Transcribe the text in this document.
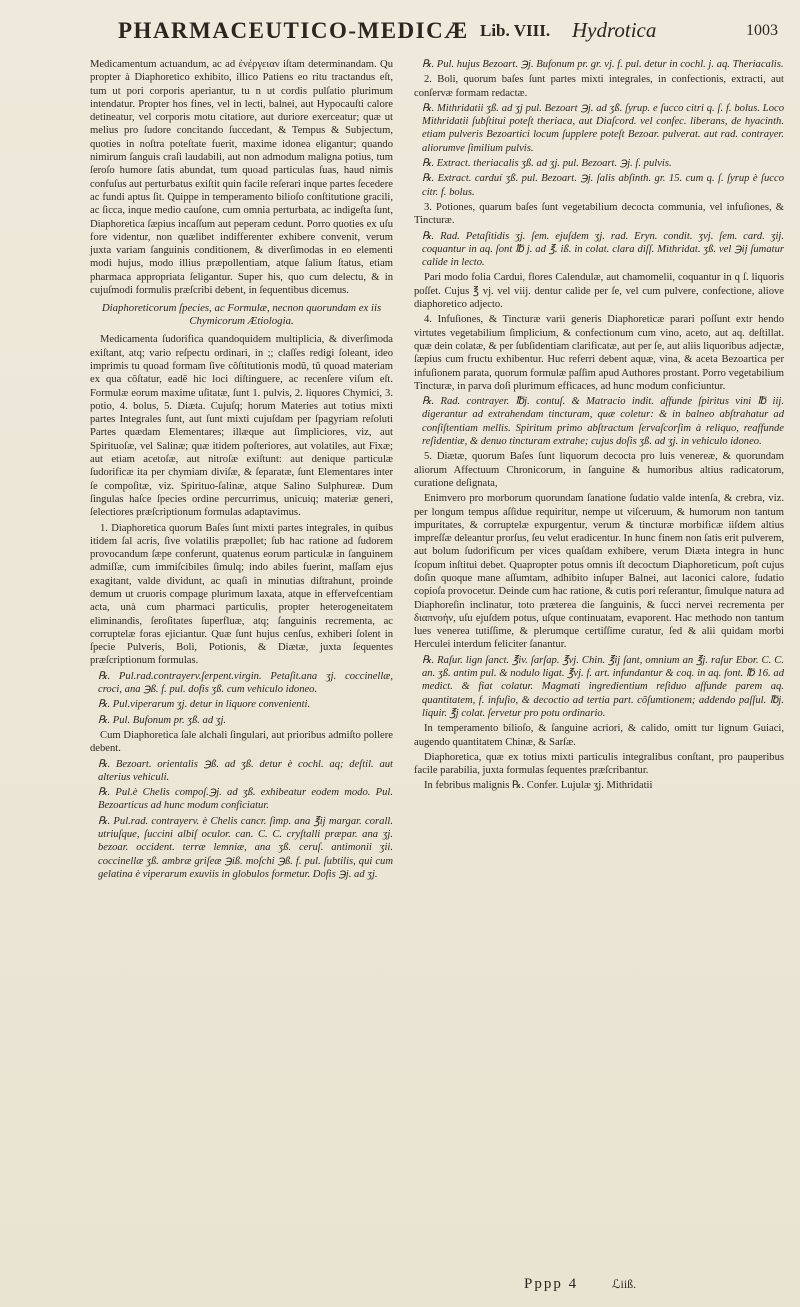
PHARMACEUTICO-MEDICÆ Lib. VIII. Hydrotica	1003

Medicamentum actuandum, ac ad ἐνέργειαν iſtam determinandam. Qu propter à Diaphoretico exhibito, illico Patiens eo ritu tractandus eſt, tum ut pori corporis aperiantur, tu n ut cordis pulſatio plurimum intendatur. Propter hos fines, vel in lecti, balnei, aut Hypocauſti calore detineatur, vel corporis motu citatiore, aut duriore exerceatur; quæ ut melius pro ſudore concitando ſuccedant, & Tempus & Subjectum, quoties in noſtra poteſtate fuerit, maxime idonea eligantur; quando nimirum ſanguis craſi laudabili, aut non admodum maligna potius, tum ſeroſo humore ſatis abundat, tum quoad particulas ſuas, haud nimis confuſus aut perturbatus exiſtit quin facile reſerari inque partes ſecedere ac fundi aptus ſit. Quippe in temperamento bilioſo conſtitutione gracili, ac ſicca, inque medio cauſone, cum omnia perturbata, ac indigeſta ſunt, Diaphoretica ſæpius incaſſum aut peperam cedunt. Porro quoties ex uſu fore videntur, non quælibet indifferenter exhibere convenit, verum juxta variam ſanguinis conditionem, & diverſimodas in eo elementi modi hujus, modo illius præpollentiam, atque ſalium ſtatus, etiam pharmaca appropriata ſeligantur. Super his, quo cum delectu, & in cujuſmodi formulis præſcribi debent, in ſequentibus dicemus.

Diaphoreticorum ſpecies, ac Formulæ, necnon quorundam ex iis Chymicorum Ætiologia.

Medicamenta ſudorifica quandoquidem multiplicia, & diverſimoda exiſtant, atq; vario reſpectu ordinari, in ;; claſſes redigi ſoleant, ideo imprimis tu quoad formam ſive cõſtitutionis modũ, tũ quoad materiam ex qua cõſtatur, eadẽ hic loci diſtinguere, ac recenſere viſum eſt. Formulæ eorum maxime uſitatæ, ſunt 1. pulvis, 2. liquores Chymici, 3. potio, 4. bolus, 5. Diæta. Cujuſq; horum Materies aut totius mixti partes Integrales ſunt, aut ſunt mixti cujuſdam per ſpagyriam reſoluti Partes quædam Elementares; illæque aut ſimpliciores, viz, aut Spirituoſæ, vel Salinæ; quæ itidem poſteriores, aut volatiles, aut Fixæ; aut etiam acetoſæ, aut nitroſæ exiſtunt: aut denique particulæ ſudorificæ ita per chymiam diviſæ, & ſeparatæ, ſunt Elementares inter ſe compoſitæ, viz. Spirituo-ſalinæ, atque Salino Sulphureæ. Dum ſingulas haſce ſpecies ordine percurrimus, unicuiq; materiæ generi, ſelectiores præſcriptionum formulas adaptavimus.

1. Diaphoretica quorum Baſes ſunt mixti partes integrales, in quibus itidem ſal acris, ſive volatilis præpollet; ſub hac ratione ad ſudorem provocandum ſæpe conferunt, quatenus eorum particulæ in ſanguinem admiſſæ, cum immiſcibiles ſimulq; indo abiles fuerint, maſſam ejus exagitant, valde dividunt, ac quaſi in minutias diſtrahunt, proinde demum ut cruoris compage plurimum laxata, atque in effervefcentiam acta, unà cum pharmaci particulis, propter heterogeneitatem eliminandis, ſeroſitates ſuperfluæ, atq; ſanguinis recrementa, ac corruptelæ foras ejiciantur. Quæ ſunt hujus cenſus, exhiberi ſolent in ſpecie Pulveris, Boli, Potionis, & Diætæ, juxta ſequentes præſcriptionum formulas.

℞. Pul.rad.contrayerv.ſerpent.virgin. Petaſit.ana ʒj. coccinellæ, croci, ana ℈ß. f. pul. dofis ʒß. cum vehiculo idoneo.

℞. Pul.viperarum ʒj. detur in liquore convenienti.

℞. Pul. Bufonum pr. ʒß. ad ʒj.

Cum Diaphoretica ſale alchali ſingulari, aut prioribus admiſto pollere debent.

℞. Bezoart. orientalis ℈ß. ad ʒß. detur è cochl. aq; deſtil. aut alterius vehiculi.

℞. Pul.è Chelis compoſ.℈j. ad ʒß. exhibeatur eodem modo. Pul. Bezoarticus ad hunc modum conficiatur.

℞. Pul.rad. contrayerv. è Chelis cancr. ſimp. ana ℥ij margar. corall. utriuſque, ſuccini albiſ oculor. can. C. C. cryſtalli præpar. ana ʒj. bezoar. occident. terræ lemniæ, ana ʒß. ceruſ. antimonii ʒii. coccinellæ ʒß. ambræ griſeæ ℈iß. moſchi ℈ß. f. pul. ſubtilis, qui cum gelatina è viperarum exuviis in globulos formetur. Dofis ℈j. ad ʒj.

℞. Pul. hujus Bezoart. ℈j. Bufonum pr. gr. vj. f. pul. detur in cochl. j. aq. Theriacalis.

2. Boli, quorum baſes ſunt partes mixti integrales, in confectionis, extracti, aut conſervæ formam redactæ.

℞. Mithridatii ʒß. ad ʒj pul. Bezoart ℈j. ad ʒß. ſyrup. e ſucco citri q. ſ. f. bolus. Loco Mithridatii ſubſtitui poteſt theriaca, aut Diaſcord. vel confec. liberans, de hyacinth. etiam pulveris Bezoartici locum ſupplere poteſt Bezoar. pulverat. aut rad. contrayer. aliorumve ſimilium pulvis.

℞. Extract. theriacalis ʒß. ad ʒj. pul. Bezoart. ℈j. f. pulvis.

℞. Extract. carduí ʒß. pul. Bezoart. ℈j. ſalis abſinth. gr. 15. cum q. ſ. ſyrup è ſucco citr. f. bolus.

3. Potiones, quarum baſes ſunt vegetabilium decocta communia, vel infuſiones, & Tincturæ.

℞. Rad. Petaſitidis ʒj. ſem. ejuſdem ʒj. rad. Eryn. condit. ʒvj. ſem. card. ʒij. coquantur in aq. ſont ℔ j. ad ℥. iß. in colat. clara diſſ. Mithridat. ʒß. vel ℈ij ſumatur calide in lecto.

Pari modo folia Cardui, flores Calendulæ, aut chamomelii, coquantur in q ſ. liquoris poſſet. Cujus ℥ vj. vel viij. dentur calide per ſe, vel cum pulvere, confectione, aliove diaphoretico adjecto.

4. Infuſiones, & Tincturæ varii generis Diaphoreticæ parari poſſunt extr hendo virtutes vegetabilium ſimplicium, & confectionum cum vino, aceto, aut aq. deſtillat. quæ dein colatæ, & per ſubſidentiam clarificatæ, aut per ſe, aut aliis liquoribus adjectæ, ſæpius cum fructu exhibentur. Huc referri debent aquæ, vina, & aceta Bezoartica per infuſionem parata, quorum formulæ paſſim apud Authores prostant. Porro vegetabilium Tincturæ, in parva doſi plurimum efficaces, ad hunc modum conficiuntur.

℞. Rad. contrayer. ℔j. contuſ. & Matracio indit. affunde ſpiritus vini ℔ iij. digerantur ad extrahendam tincturam, quæ coletur: & in balneo abſtrahatur ad conſiſtentiam mellis. Spiritum primo abſtractum ſervaſcorſim à reliquo, reaffunde reſidentiæ, & denuo tincturam extrahe; cujus doſis ʒß. ad ʒj. in vehiculo idoneo.

5. Diætæ, quorum Baſes ſunt liquorum decocta pro luis venereæ, & quorundam aliorum Affectuum Chronicorum, in ſanguine & humoribus altius radicatorum, curatione deſignata,

Enimvero pro morborum quorundam ſanatione ſudatio valde intenſa, & crebra, viz. per longum tempus aſſidue requiritur, nempe ut viſceruum, & humorum non tantum impuritates, & corruptelæ expurgentur, verum & tincturæ morbificæ iiſdem altius impreſſæ deleantur prorſus, ſeu velut eradicentur. In hunc finem non ſatis erit pulverem, aut bolum ſudorificum per vices quaſdam exhibere, verum Diæta integra in hunc ſcopum inſtitui debet. Quapropter potus omnis iſt decoctum Diaphoreticum, poſt cujus doſin quoque mane aſſumtam, adhibito inſuper Balnei, aut laconici calore, ſudatio copioſa provocetur. Deinde cum hac ratione, & cutis pori reſerantur, ſimulque natura ad Diaphoreſin inclinatur, toto præterea die ſanguinis, & ſucci nervei recrementa per διαπνοὴν, uſu ejuſdem potus, uſque continuatam, evaporent. Hac methodo non tantum lues venerea tutiſſime, & plerumque certiſſime curatur, ſed & alii quidam morbi Herculei interdum feliciter ſanantur.

℞. Raſur. lign ſanct. ℥iv. ſarſap. ℥vj. Chin. ℥ij ſant, omnium an ℥j. raſur Ebor. C. C. an. ʒß. antim pul. & nodulo ligat. ℥vj. f. art. infundantur & coq. in aq. font. ℔ 16. ad medict. & fiat colatur. Magmati ingredientium reſiduo affunde parem aq. quantitatem, f. infuſio, & decoctio ad tertia part. cõſumtionem; addendo paſſul. ℔j. liquir. ℥j colat. ſervetur pro potu ordinario.

In temperamento bilioſo, & ſanguine acriori, & calido, omitt tur lignum Guiaci, augendo quantitatem Chinæ, & Sarſæ.

Diaphoretica, quæ ex totius mixti particulis integralibus conſtant, pro pauperibus facile parabilia, juxta formulas ſequentes præſcribantur.

In febribus malignis ℞. Confer. Lujulæ ʒj. Mithridatii

Pppp 4	ℒiiß.
